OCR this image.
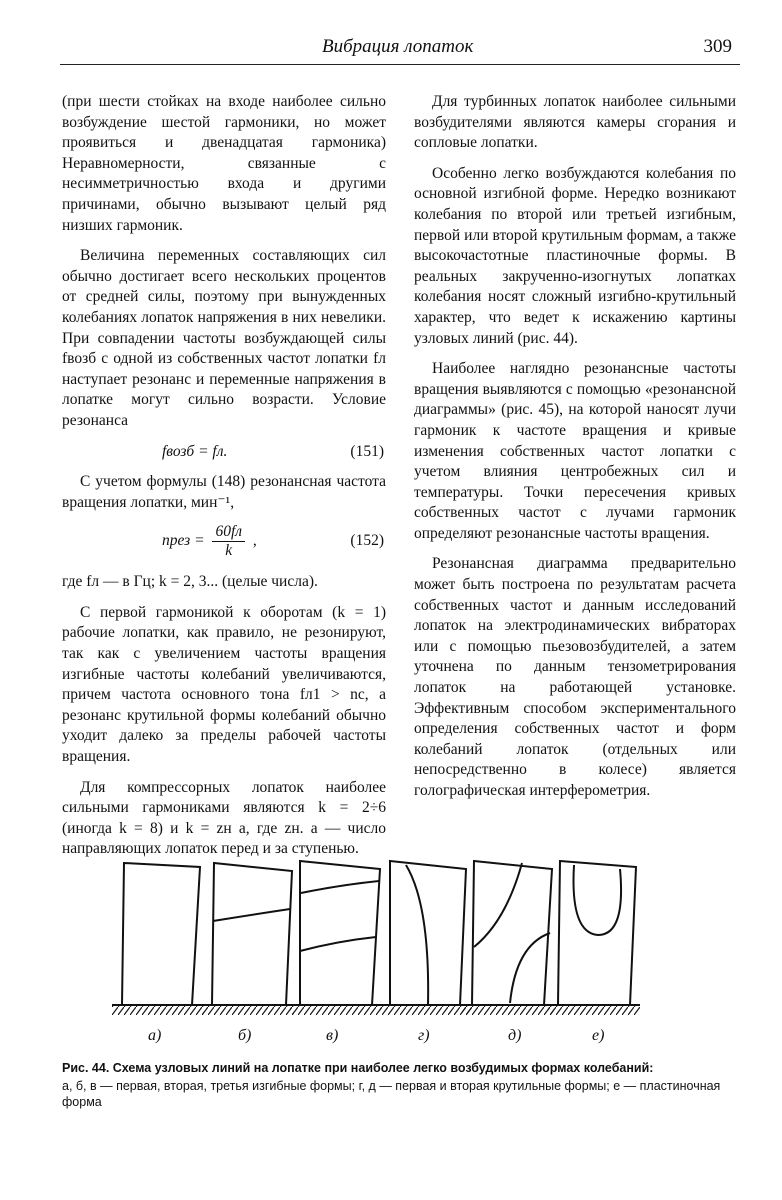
Вибрация лопаток	309

(при шести стойках на входе наиболее сильно возбуждение шестой гармоники, но может проявиться и двенадцатая гармоника) Неравномерности, связанные с несимметричностью входа и другими причинами, обычно вызывают целый ряд низших гармоник.

Величина переменных составляющих сил обычно достигает всего нескольких процентов от средней силы, поэтому при вынужденных колебаниях лопаток напряжения в них невелики. При совпадении частоты возбуждающей силы fвозб с одной из собственных частот лопатки fл наступает резонанс и переменные напряжения в лопатке могут сильно возрасти. Условие резонанса

fвозб = fл.	(151)

С учетом формулы (148) резонансная частота вращения лопатки, мин⁻¹,

nрез = $\frac{60fл}{k}$ ,	(152)

где fл — в Гц; k = 2, 3... (целые числа).

С первой гармоникой к оборотам (k = 1) рабочие лопатки, как правило, не резонируют, так как с увеличением частоты вращения изгибные частоты колебаний увеличиваются, причем частота основного тона fл1 > nс, а резонанс крутильной формы колебаний обычно уходит далеко за пределы рабочей частоты вращения.

Для компрессорных лопаток наиболее сильными гармониками являются k = 2÷6 (иногда k = 8) и k = zн а, где zн. а — число направляющих лопаток перед и за ступенью.

Для турбинных лопаток наиболее сильными возбудителями являются камеры сгорания и сопловые лопатки.

Особенно легко возбуждаются колебания по основной изгибной форме. Нередко возникают колебания по второй или третьей изгибным, первой или второй крутильным формам, а также высокочастотные пластиночные формы. В реальных закрученно-изогнутых лопатках колебания носят сложный изгибно-крутильный характер, что ведет к искажению картины узловых линий (рис. 44).

Наиболее наглядно резонансные частоты вращения выявляются с помощью «резонансной диаграммы» (рис. 45), на которой наносят лучи гармоник к частоте вращения и кривые изменения собственных частот лопатки с учетом влияния центробежных сил и температуры. Точки пересечения кривых собственных частот с лучами гармоник определяют резонансные частоты вращения.

Резонансная диаграмма предварительно может быть построена по результатам расчета собственных частот и данным исследований лопаток на электродинамических вибраторах или с помощью пьезовозбудителей, а затем уточнена по данным тензометрирования лопаток на работающей установке. Эффективным способом экспериментального определения собственных частот и форм колебаний лопаток (отдельных или непосредственно в колесе) является голографическая интерферометрия.

а)	б)	в)	г)	д)	е)
Рис. 44. Схема узловых линий на лопатке при наиболее легко возбудимых формах колебаний:
а, б, в — первая, вторая, третья изгибные формы; г, д — первая и вторая крутильные формы; е — пластиночная форма
